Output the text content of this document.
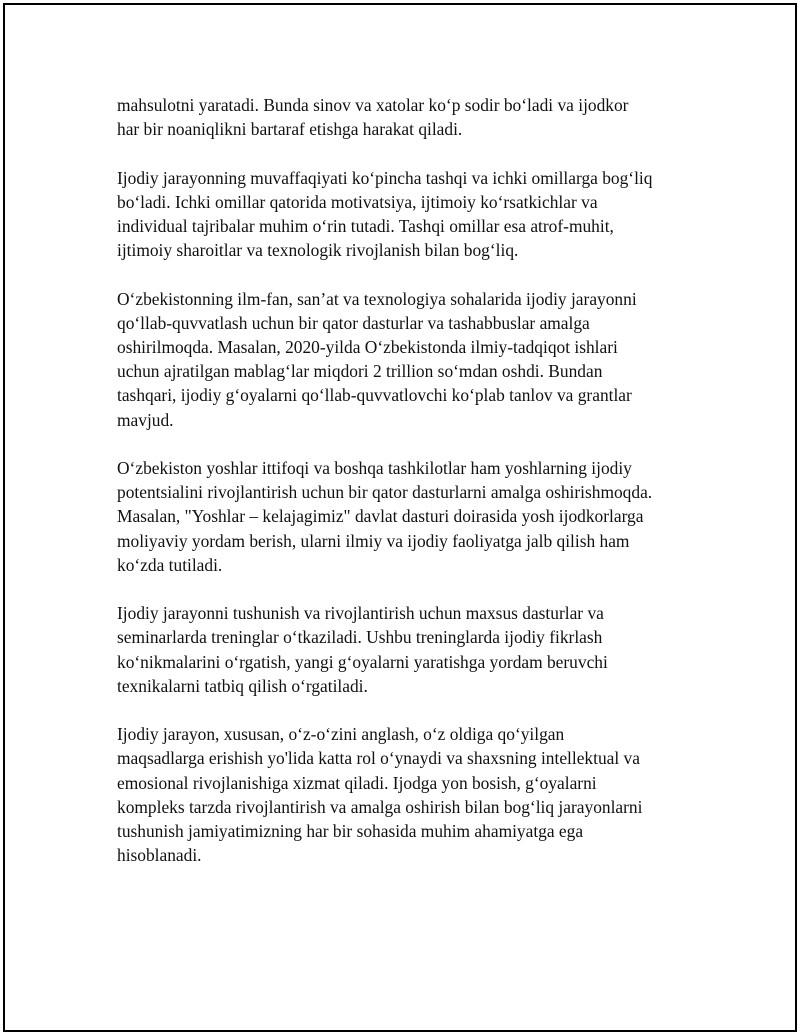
mahsulotni yaratadi. Bunda sinov va xatolar ko‘p sodir bo‘ladi va ijodkor
har bir noaniqlikni bartaraf etishga harakat qiladi.

Ijodiy jarayonning muvaffaqiyati ko‘pincha tashqi va ichki omillarga bog‘liq
bo‘ladi. Ichki omillar qatorida motivatsiya, ijtimoiy ko‘rsatkichlar va
individual tajribalar muhim o‘rin tutadi. Tashqi omillar esa atrof-muhit,
ijtimoiy sharoitlar va texnologik rivojlanish bilan bog‘liq.

O‘zbekistonning ilm-fan, san’at va texnologiya sohalarida ijodiy jarayonni
qo‘llab-quvvatlash uchun bir qator dasturlar va tashabbuslar amalga
oshirilmoqda. Masalan, 2020-yilda O‘zbekistonda ilmiy-tadqiqot ishlari
uchun ajratilgan mablag‘lar miqdori 2 trillion so‘mdan oshdi. Bundan
tashqari, ijodiy g‘oyalarni qo‘llab-quvvatlovchi ko‘plab tanlov va grantlar
mavjud.

O‘zbekiston yoshlar ittifoqi va boshqa tashkilotlar ham yoshlarning ijodiy
potentsialini rivojlantirish uchun bir qator dasturlarni amalga oshirishmoqda.
Masalan, "Yoshlar – kelajagimiz" davlat dasturi doirasida yosh ijodkorlarga
moliyaviy yordam berish, ularni ilmiy va ijodiy faoliyatga jalb qilish ham
ko‘zda tutiladi.

Ijodiy jarayonni tushunish va rivojlantirish uchun maxsus dasturlar va
seminarlarda treninglar o‘tkaziladi. Ushbu treninglarda ijodiy fikrlash
ko‘nikmalarini o‘rgatish, yangi g‘oyalarni yaratishga yordam beruvchi
texnikalarni tatbiq qilish o‘rgatiladi.

Ijodiy jarayon, xususan, o‘z-o‘zini anglash, o‘z oldiga qo‘yilgan
maqsadlarga erishish yo'lida katta rol o‘ynaydi va shaxsning intellektual va
emosional rivojlanishiga xizmat qiladi. Ijodga yon bosish, g‘oyalarni
kompleks tarzda rivojlantirish va amalga oshirish bilan bog‘liq jarayonlarni
tushunish jamiyatimizning har bir sohasida muhim ahamiyatga ega
hisoblanadi.
